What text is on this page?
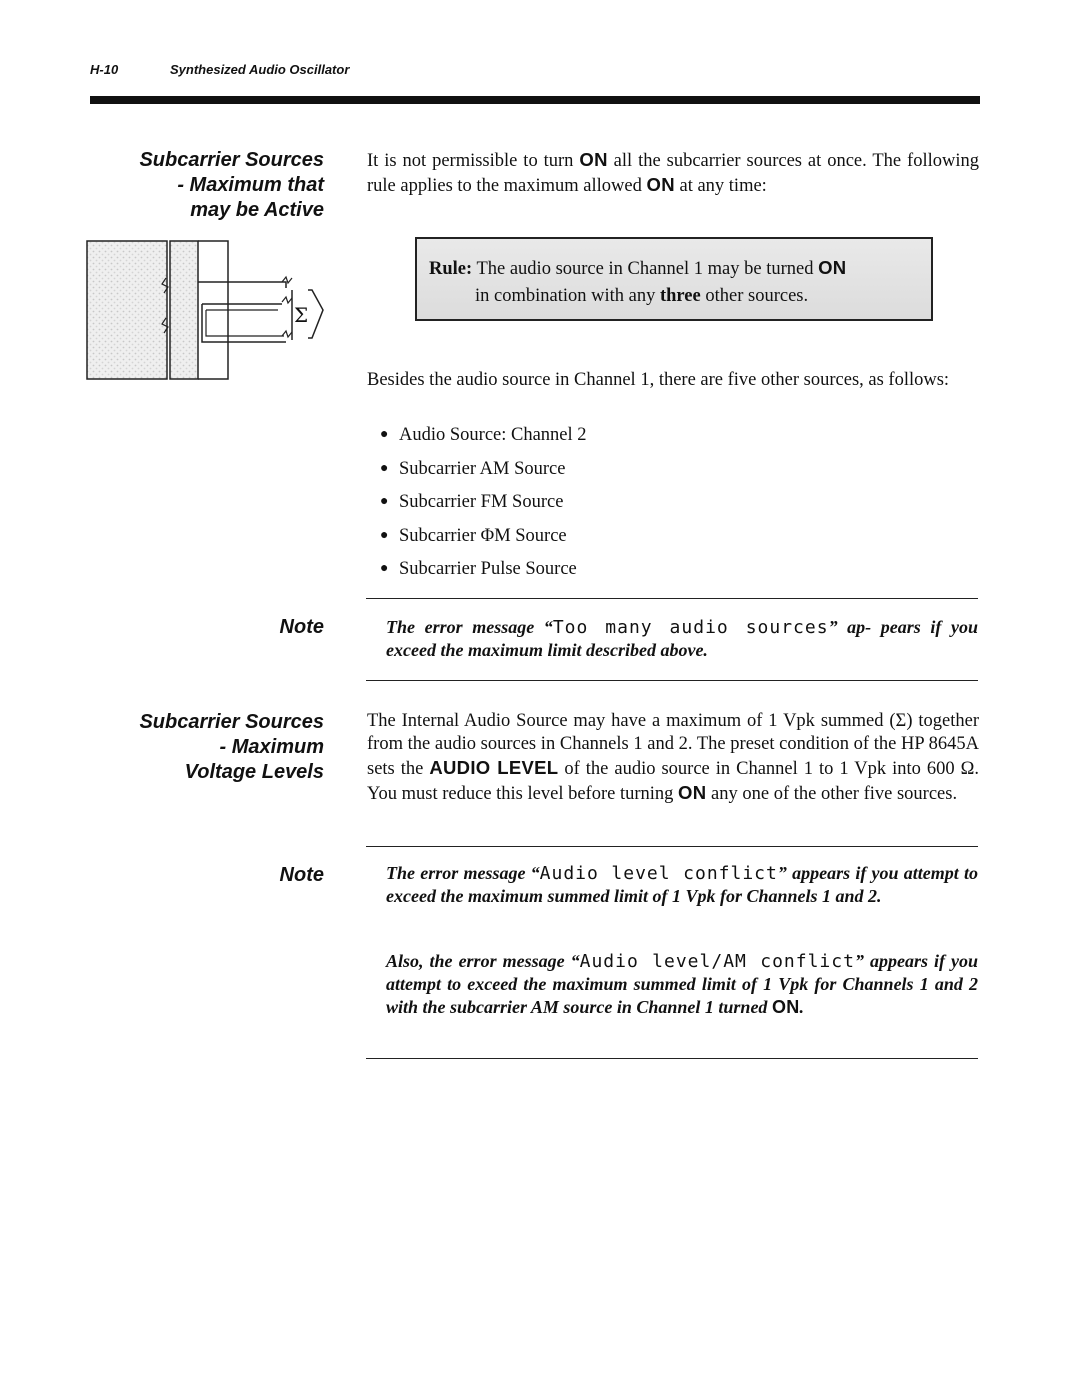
H-10	Synthesized Audio Oscillator
Subcarrier Sources
- Maximum that
may be Active
It is not permissible to turn ON all the subcarrier sources at once. The following rule applies to the maximum allowed ON at any time:
Σ
Rule: The audio source in Channel 1 may be turned ON
in combination with any three other sources.
Besides the audio source in Channel 1, there are five other sources, as follows:
● Audio Source: Channel 2
● Subcarrier AM Source
● Subcarrier FM Source
● Subcarrier ΦM Source
● Subcarrier Pulse Source
Note	The error message “Too many audio sources” ap- pears if you exceed the maximum limit described above.
Subcarrier Sources
- Maximum
Voltage Levels
The Internal Audio Source may have a maximum of 1 Vpk summed (Σ) together from the audio sources in Channels 1 and 2. The preset condition of the HP 8645A sets the AUDIO LEVEL of the audio source in Channel 1 to 1 Vpk into 600 Ω. You must reduce this level before turning ON any one of the other five sources.
Note	The error message “Audio level conflict” appears if you attempt to exceed the maximum summed limit of 1 Vpk for Channels 1 and 2.
Also, the error message “Audio level/AM conflict” appears if you attempt to exceed the maximum summed limit of 1 Vpk for Channels 1 and 2 with the subcarrier AM source in Channel 1 turned ON.
